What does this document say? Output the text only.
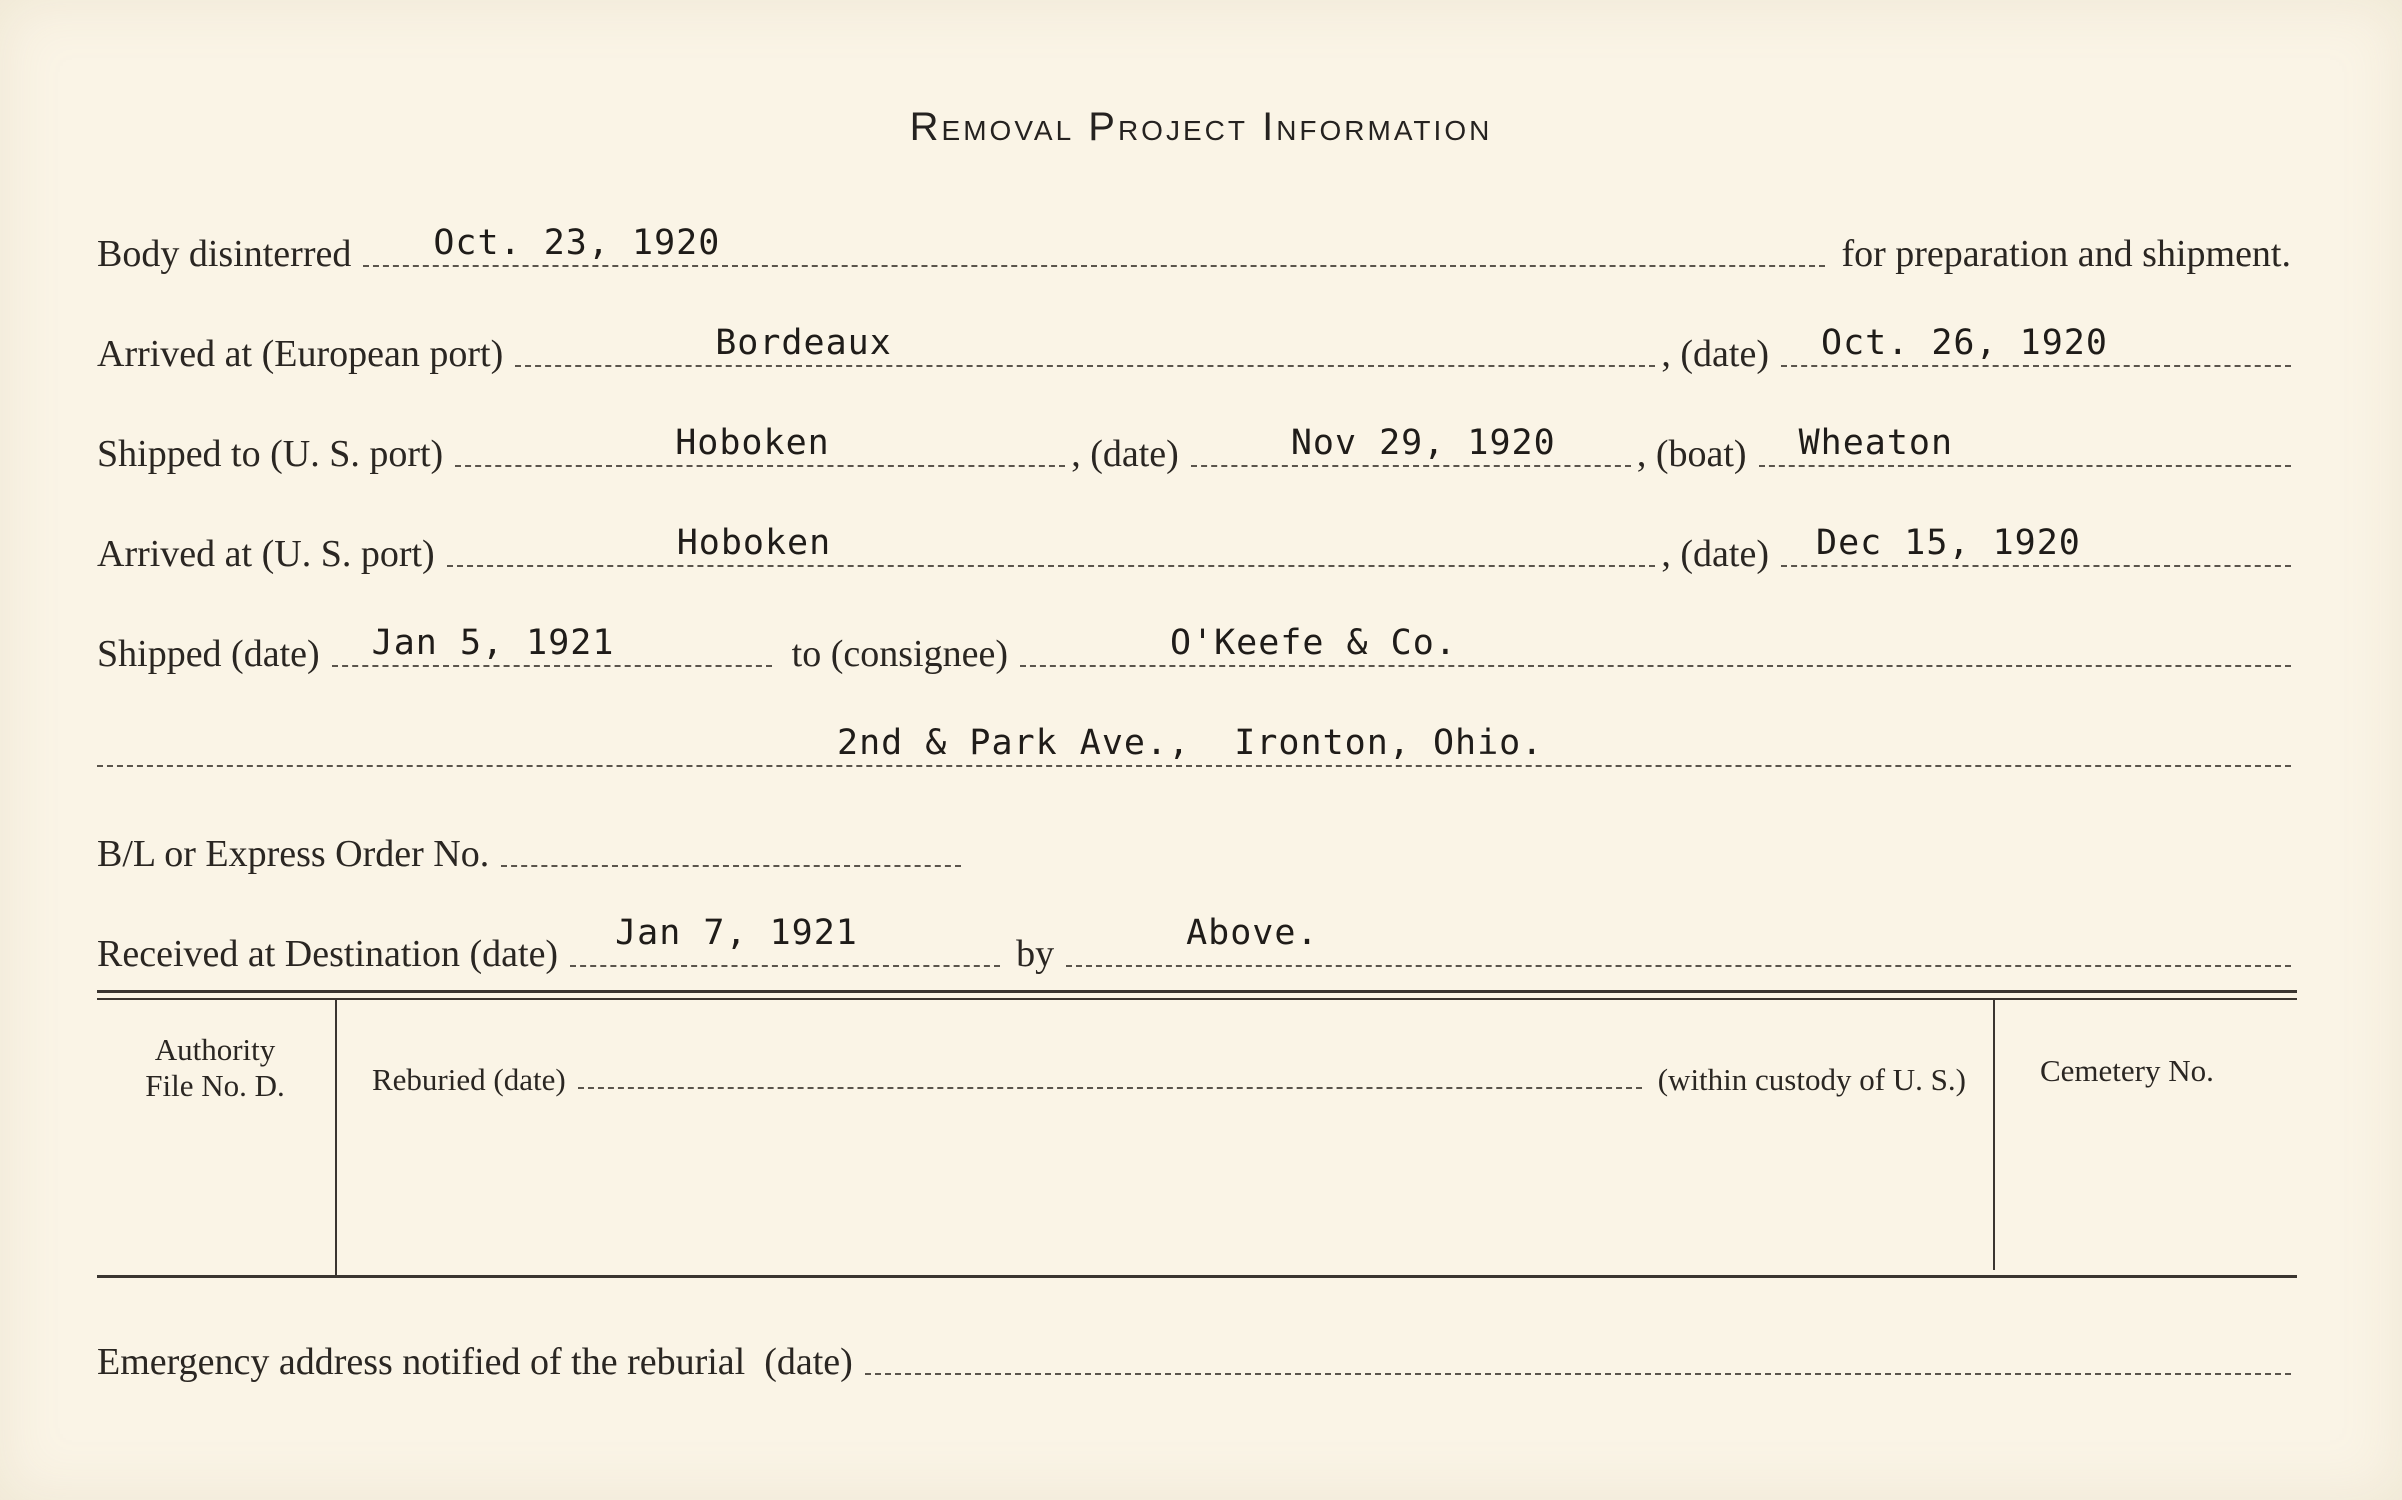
Removal Project Information
Body disinterred Oct. 23, 1920	for preparation and shipment.
Arrived at (European port)	Bordeaux	, (date) Oct. 26, 1920
Shipped to (U. S. port)	Hoboken	, (date)	Nov 29, 1920 , (boat) Wheaton
Arrived at (U. S. port)	Hoboken	, (date) Dec 15, 1920
Shipped (date) Jan 5, 1921	to (consignee)	O'Keefe & Co.
2nd & Park Ave.,  Ironton, Ohio.
B/L or Express Order No.
Received at Destination (date) Jan 7, 1921	by	Above.
Authority
File No. D.	Reburied (date)	(within custody of U. S.) Cemetery No.
Emergency address notified of the reburial  (date)
